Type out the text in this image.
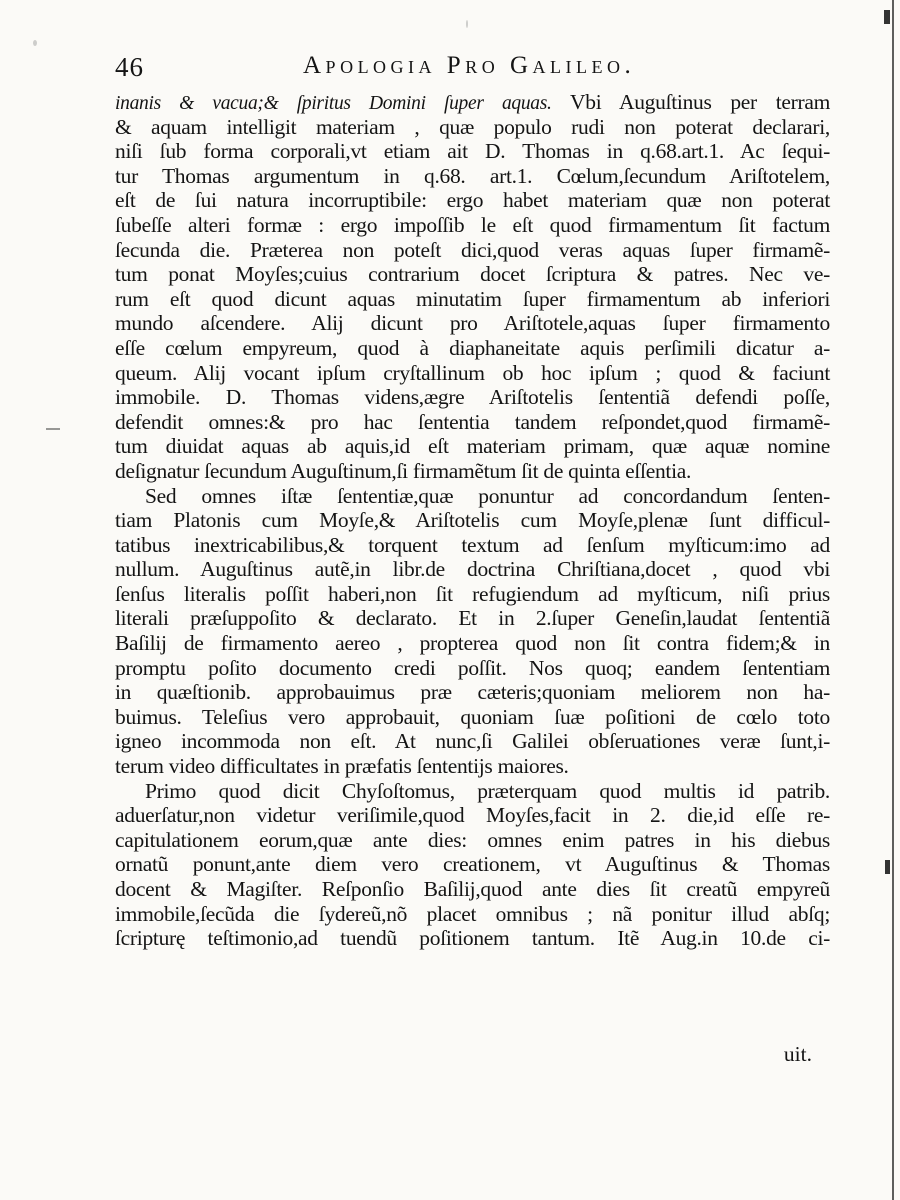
46	Apologia Pro Galileo.
inanis & vacua;& ſpiritus Domini ſuper aquas. Vbi Auguſtinus per terram
& aquam intelligit materiam , quæ populo rudi non poterat declarari,
niſi ſub forma corporali,vt etiam ait D. Thomas in q.68.art.1. Ac ſequi-
tur Thomas argumentum in q.68. art.1. Cœlum,ſecundum Ariſtotelem,
eſt de ſui natura incorruptibile: ergo habet materiam quæ non poterat
ſubeſſe alteri formæ : ergo impoſſib le eſt quod firmamentum ſit factum
ſecunda die. Præterea non poteſt dici,quod veras aquas ſuper firmamẽ-
tum ponat Moyſes;cuius contrarium docet ſcriptura & patres. Nec ve-
rum eſt quod dicunt aquas minutatim ſuper firmamentum ab inferiori
mundo aſcendere. Alij dicunt pro Ariſtotele,aquas ſuper firmamento
eſſe cœlum empyreum, quod à diaphaneitate aquis perſimili dicatur a-
queum. Alij vocant ipſum cryſtallinum ob hoc ipſum ; quod & faciunt
immobile. D. Thomas videns,ægre Ariſtotelis ſententiã defendi poſſe,
defendit omnes:& pro hac ſententia tandem reſpondet,quod firmamẽ-
tum diuidat aquas ab aquis,id eſt materiam primam, quæ aquæ nomine
deſignatur ſecundum Auguſtinum,ſi firmamẽtum ſit de quinta eſſentia.
Sed omnes iſtæ ſententiæ,quæ ponuntur ad concordandum ſenten-
tiam Platonis cum Moyſe,& Ariſtotelis cum Moyſe,plenæ ſunt difficul-
tatibus inextricabilibus,& torquent textum ad ſenſum myſticum:imo ad
nullum. Auguſtinus autẽ,in libr.de doctrina Chriſtiana,docet , quod vbi
ſenſus literalis poſſit haberi,non ſit refugiendum ad myſticum, niſi prius
literali præſuppoſito & declarato. Et in 2.ſuper Geneſin,laudat ſententiã
Baſilij de firmamento aereo , propterea quod non ſit contra fidem;& in
promptu poſito documento credi poſſit. Nos quoq; eandem ſententiam
in quæſtionib. approbauimus præ cæteris;quoniam meliorem non ha-
buimus. Teleſius vero approbauit, quoniam ſuæ poſitioni de cœlo toto
igneo incommoda non eſt. At nunc,ſi Galilei obſeruationes veræ ſunt,i-
terum video difficultates in præfatis ſententijs maiores.
Primo quod dicit Chyſoſtomus, præterquam quod multis id patrib.
aduerſatur,non videtur veriſimile,quod Moyſes,facit in 2. die,id eſſe re-
capitulationem eorum,quæ ante dies: omnes enim patres in his diebus
ornatũ ponunt,ante diem vero creationem, vt Auguſtinus & Thomas
docent & Magiſter. Reſponſio Baſilij,quod ante dies ſit creatũ empyreũ
immobile,ſecũda die ſydereũ,nõ placet omnibus ; nã ponitur illud abſq;
ſcripturę teſtimonio,ad tuendũ poſitionem tantum. Itẽ Aug.in 10.de ci-
uit.
